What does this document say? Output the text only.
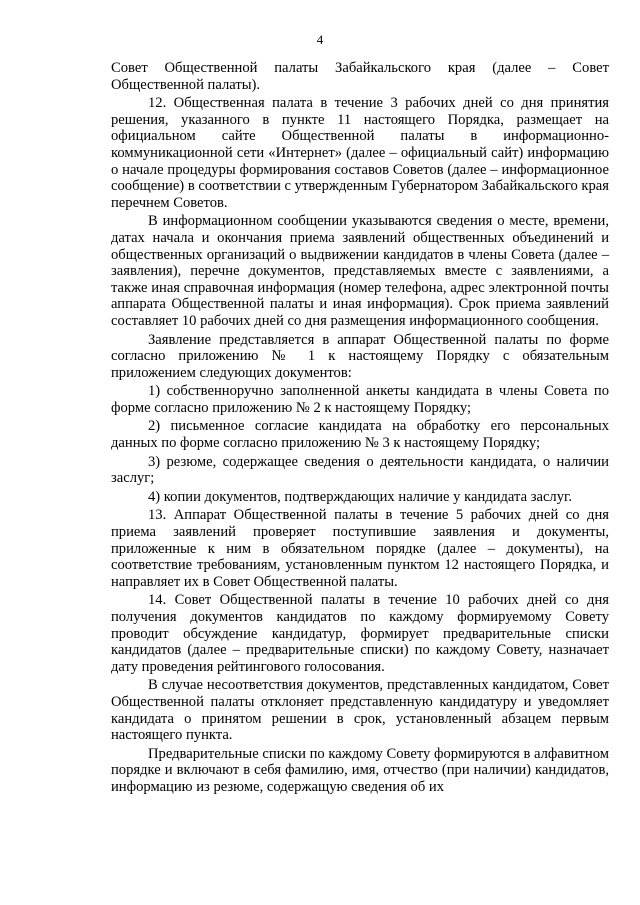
4

Совет Общественной палаты Забайкальского края (далее – Совет Общественной палаты).

12. Общественная палата в течение 3 рабочих дней со дня принятия решения, указанного в пункте 11 настоящего Порядка, размещает на официальном сайте Общественной палаты в информационно-коммуникационной сети «Интернет» (далее – официальный сайт) информацию о начале процедуры формирования составов Советов (далее – информационное сообщение) в соответствии с утвержденным Губернатором Забайкальского края перечнем Советов.

В информационном сообщении указываются сведения о месте, времени, датах начала и окончания приема заявлений общественных объединений и общественных организаций о выдвижении кандидатов в члены Совета (далее – заявления), перечне документов, представляемых вместе с заявлениями, а также иная справочная информация (номер телефона, адрес электронной почты аппарата Общественной палаты и иная информация). Срок приема заявлений составляет 10 рабочих дней со дня размещения информационного сообщения.

Заявление представляется в аппарат Общественной палаты по форме согласно приложению № 1 к настоящему Порядку с обязательным приложением следующих документов:

1) собственноручно заполненной анкеты кандидата в члены Совета по форме согласно приложению № 2 к настоящему Порядку;

2) письменное согласие кандидата на обработку его персональных данных по форме согласно приложению № 3 к настоящему Порядку;

3) резюме, содержащее сведения о деятельности кандидата, о наличии заслуг;

4) копии документов, подтверждающих наличие у кандидата заслуг.

13. Аппарат Общественной палаты в течение 5 рабочих дней со дня приема заявлений проверяет поступившие заявления и документы, приложенные к ним в обязательном порядке (далее – документы), на соответствие требованиям, установленным пунктом 12 настоящего Порядка, и направляет их в Совет Общественной палаты.

14. Совет Общественной палаты в течение 10 рабочих дней со дня получения документов кандидатов по каждому формируемому Совету проводит обсуждение кандидатур, формирует предварительные списки кандидатов (далее – предварительные списки) по каждому Совету, назначает дату проведения рейтингового голосования.

В случае несоответствия документов, представленных кандидатом, Совет Общественной палаты отклоняет представленную кандидатуру и уведомляет кандидата о принятом решении в срок, установленный абзацем первым настоящего пункта.

Предварительные списки по каждому Совету формируются в алфавитном порядке и включают в себя фамилию, имя, отчество (при наличии) кандидатов, информацию из резюме, содержащую сведения об их
